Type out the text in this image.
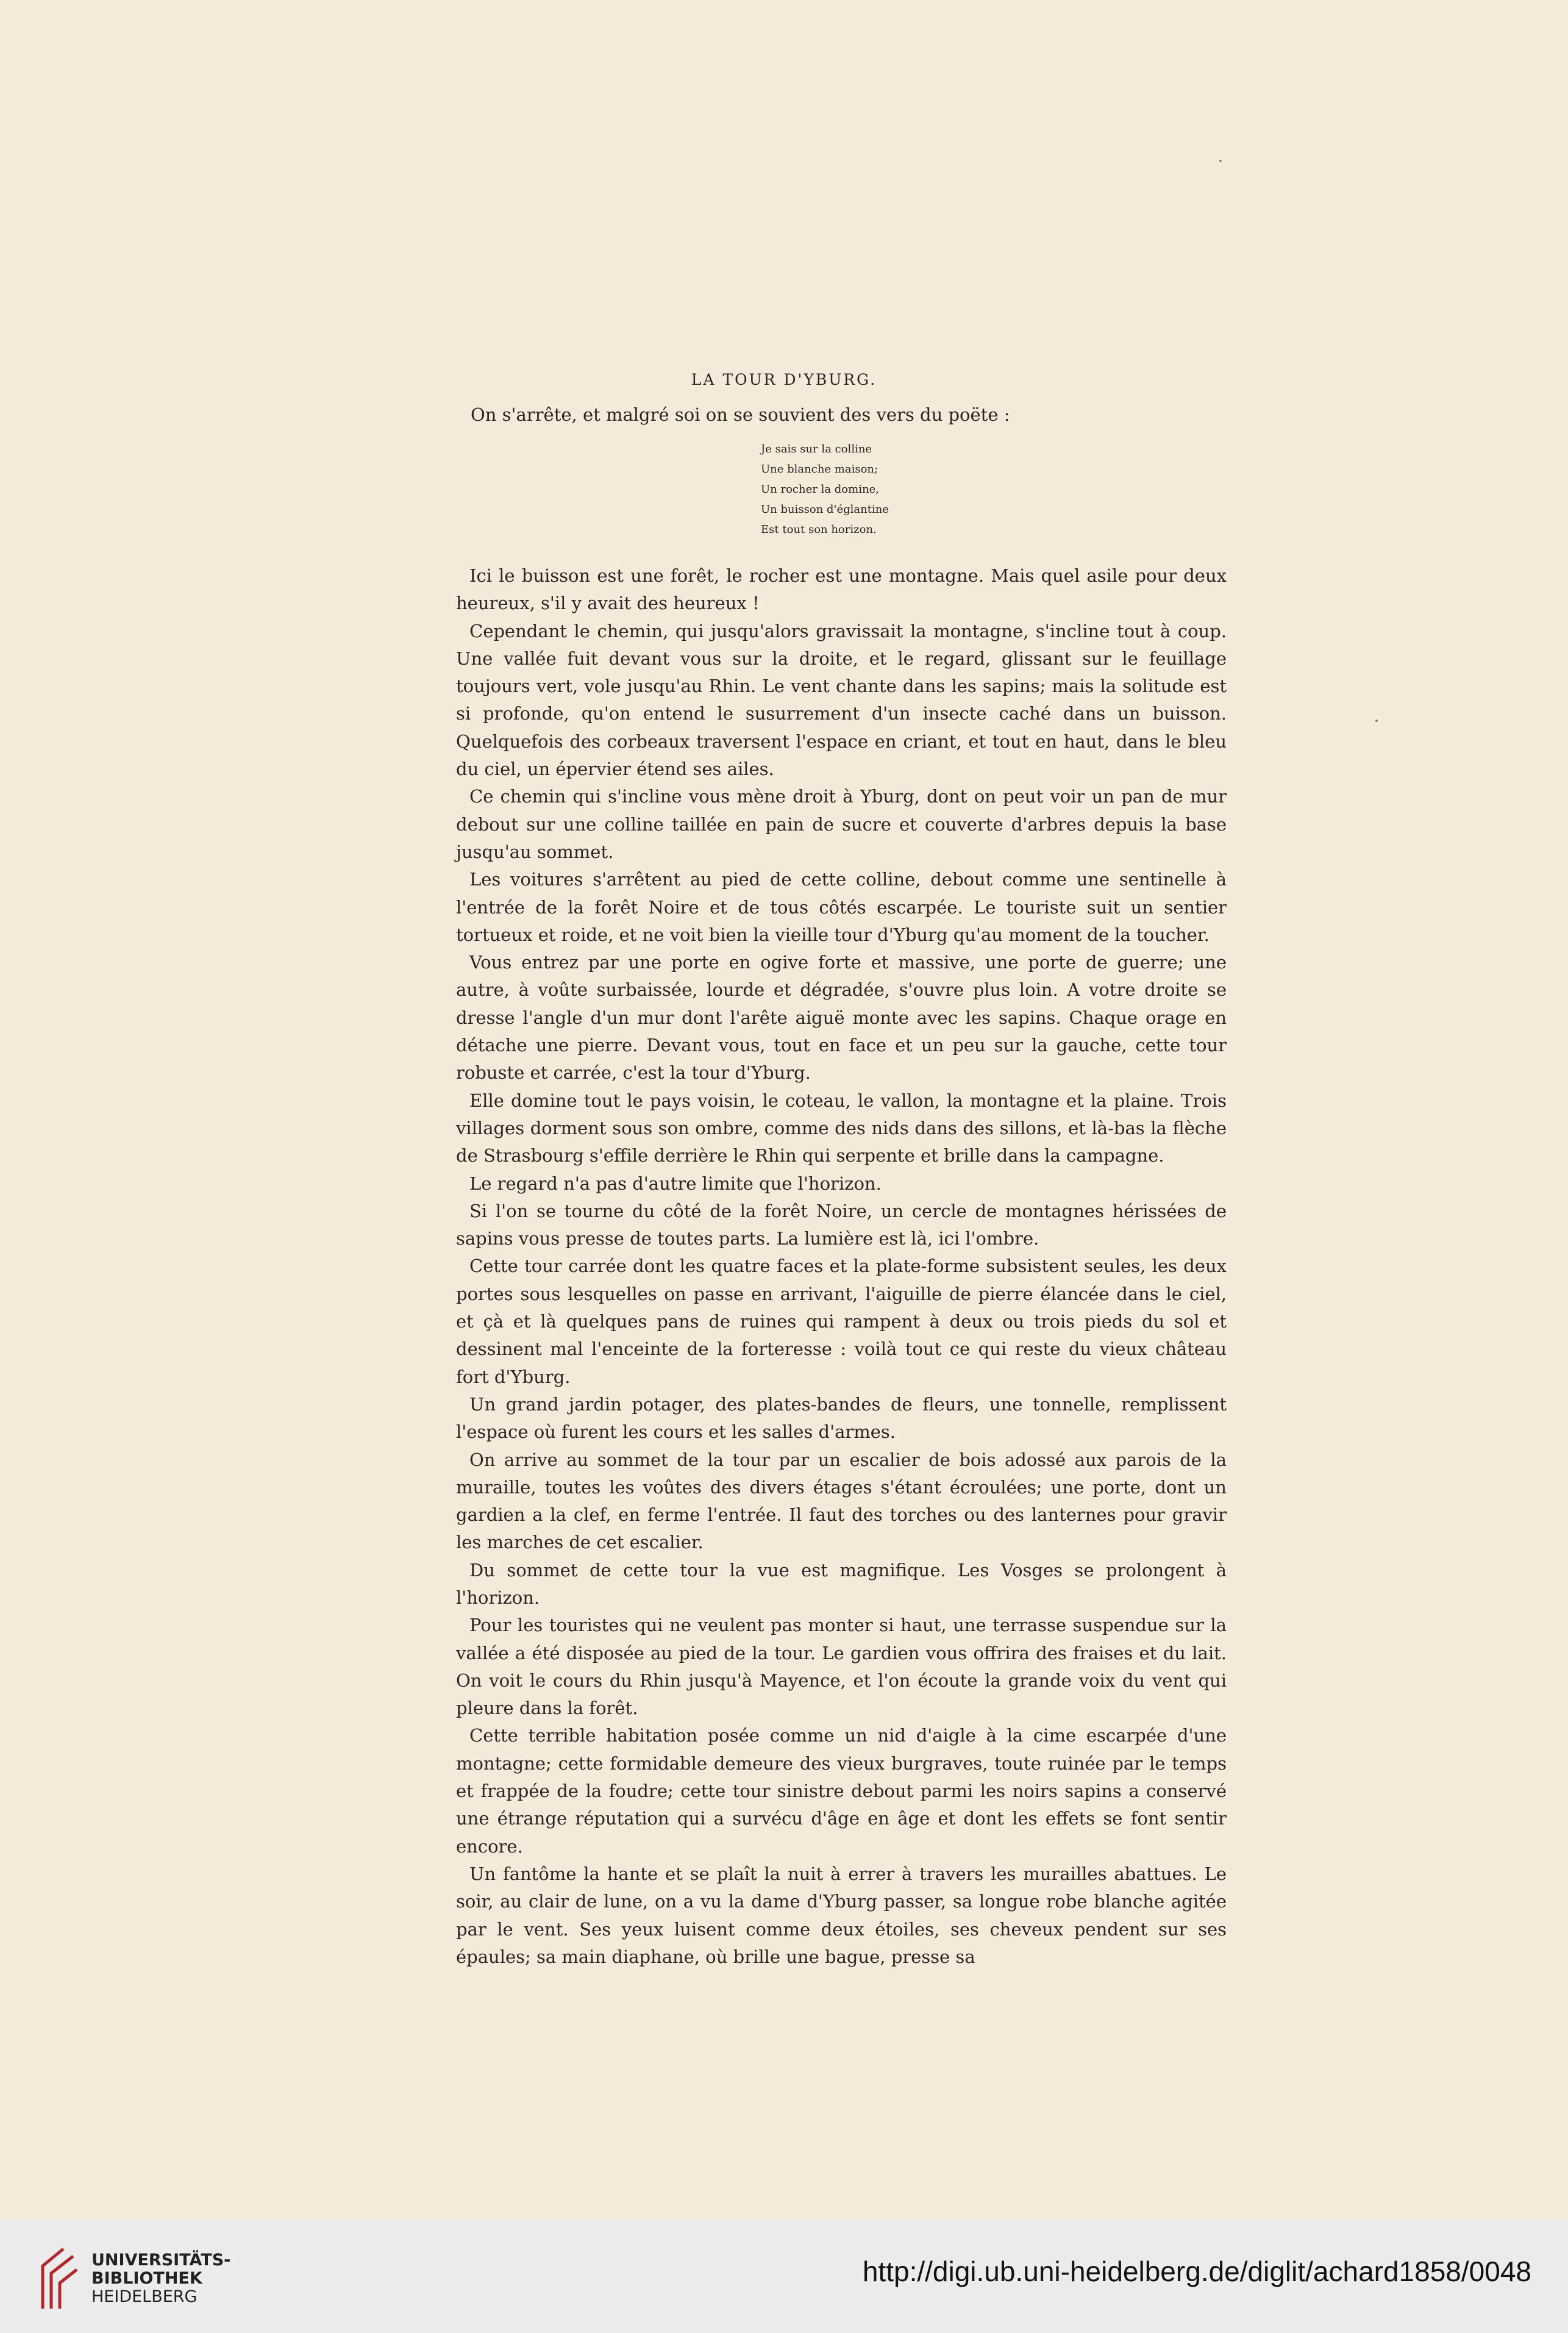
LA TOUR D'YBURG.
On s'arrête, et malgré soi on se souvient des vers du poëte :
Je sais sur la colline
Une blanche maison;
Un rocher la domine,
Un buisson d'églantine
Est tout son horizon.

Ici le buisson est une forêt, le rocher est une montagne. Mais quel asile pour deux heureux, s'il y avait des heureux !

Cependant le chemin, qui jusqu'alors gravissait la montagne, s'incline tout à coup. Une vallée fuit devant vous sur la droite, et le regard, glissant sur le feuillage toujours vert, vole jusqu'au Rhin. Le vent chante dans les sapins; mais la solitude est si profonde, qu'on entend le susurrement d'un insecte caché dans un buisson. Quelquefois des corbeaux traversent l'espace en criant, et tout en haut, dans le bleu du ciel, un épervier étend ses ailes.

Ce chemin qui s'incline vous mène droit à Yburg, dont on peut voir un pan de mur debout sur une colline taillée en pain de sucre et couverte d'arbres depuis la base jusqu'au sommet.

Les voitures s'arrêtent au pied de cette colline, debout comme une sentinelle à l'entrée de la forêt Noire et de tous côtés escarpée. Le touriste suit un sentier tortueux et roide, et ne voit bien la vieille tour d'Yburg qu'au moment de la toucher.

Vous entrez par une porte en ogive forte et massive, une porte de guerre; une autre, à voûte surbaissée, lourde et dégradée, s'ouvre plus loin. A votre droite se dresse l'angle d'un mur dont l'arête aiguë monte avec les sapins. Chaque orage en détache une pierre. Devant vous, tout en face et un peu sur la gauche, cette tour robuste et carrée, c'est la tour d'Yburg.

Elle domine tout le pays voisin, le coteau, le vallon, la montagne et la plaine. Trois villages dorment sous son ombre, comme des nids dans des sillons, et là-bas la flèche de Strasbourg s'effile derrière le Rhin qui serpente et brille dans la campagne.

Le regard n'a pas d'autre limite que l'horizon.

Si l'on se tourne du côté de la forêt Noire, un cercle de montagnes hérissées de sapins vous presse de toutes parts. La lumière est là, ici l'ombre.

Cette tour carrée dont les quatre faces et la plate-forme subsistent seules, les deux portes sous lesquelles on passe en arrivant, l'aiguille de pierre élancée dans le ciel, et çà et là quelques pans de ruines qui rampent à deux ou trois pieds du sol et dessinent mal l'enceinte de la forteresse : voilà tout ce qui reste du vieux château fort d'Yburg.

Un grand jardin potager, des plates-bandes de fleurs, une tonnelle, remplissent l'espace où furent les cours et les salles d'armes.

On arrive au sommet de la tour par un escalier de bois adossé aux parois de la muraille, toutes les voûtes des divers étages s'étant écroulées; une porte, dont un gardien a la clef, en ferme l'entrée. Il faut des torches ou des lanternes pour gravir les marches de cet escalier.

Du sommet de cette tour la vue est magnifique. Les Vosges se prolongent à l'horizon.

Pour les touristes qui ne veulent pas monter si haut, une terrasse suspendue sur la vallée a été disposée au pied de la tour. Le gardien vous offrira des fraises et du lait. On voit le cours du Rhin jusqu'à Mayence, et l'on écoute la grande voix du vent qui pleure dans la forêt.

Cette terrible habitation posée comme un nid d'aigle à la cime escarpée d'une montagne; cette formidable demeure des vieux burgraves, toute ruinée par le temps et frappée de la foudre; cette tour sinistre debout parmi les noirs sapins a conservé une étrange réputation qui a survécu d'âge en âge et dont les effets se font sentir encore.

Un fantôme la hante et se plaît la nuit à errer à travers les murailles abattues. Le soir, au clair de lune, on a vu la dame d'Yburg passer, sa longue robe blanche agitée par le vent. Ses yeux luisent comme deux étoiles, ses cheveux pendent sur ses épaules; sa main diaphane, où brille une bague, presse sa

UNIVERSITÄTS-
BIBLIOTHEK
HEIDELBERG
http://digi.ub.uni-heidelberg.de/diglit/achard1858/0048
